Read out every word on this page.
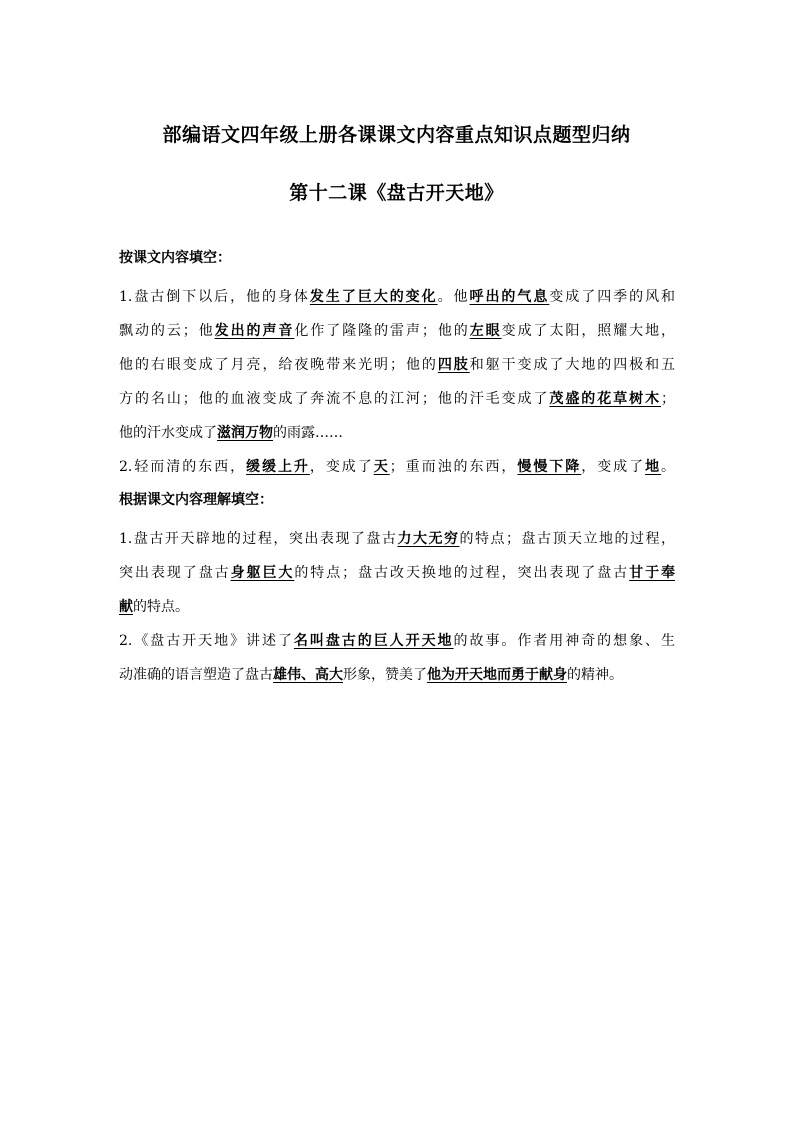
部编语文四年级上册各课课文内容重点知识点题型归纳
第十二课《盘古开天地》
按课文内容填空：
1.盘古倒下以后，他的身体发生了巨大的变化。他呼出的气息变成了四季的风和
飘动的云；他发出的声音化作了隆隆的雷声；他的左眼变成了太阳，照耀大地，
他的右眼变成了月亮，给夜晚带来光明；他的四肢和躯干变成了大地的四极和五
方的名山；他的血液变成了奔流不息的江河；他的汗毛变成了茂盛的花草树木；
他的汗水变成了滋润万物的雨露……
2.轻而清的东西，缓缓上升，变成了天；重而浊的东西，慢慢下降，变成了地。
根据课文内容理解填空：
1.盘古开天辟地的过程，突出表现了盘古力大无穷的特点；盘古顶天立地的过程，
突出表现了盘古身躯巨大的特点；盘古改天换地的过程，突出表现了盘古甘于奉
献的特点。
2.《盘古开天地》讲述了名叫盘古的巨人开天地的故事。作者用神奇的想象、生
动准确的语言塑造了盘古雄伟、高大形象，赞美了他为开天地而勇于献身的精神。
